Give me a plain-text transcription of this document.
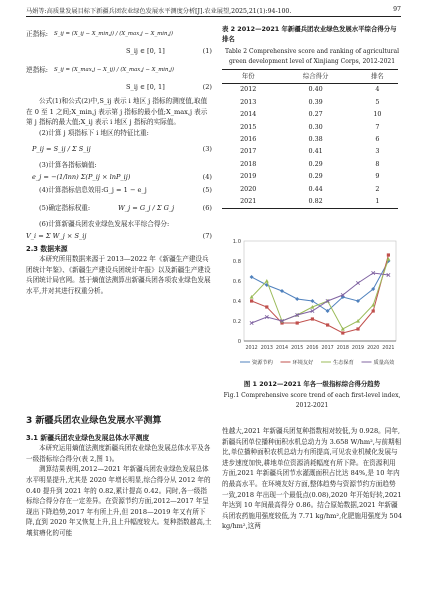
马娟等:高质量发展目标下新疆兵团农业绿色发展水平测度分析[J].农业展望,2025,21(1):94-100.	97
正指标: S_ij = (X_ij − X_min,j) / (X_max,j − X_min,j)
S_ij ∈ [0, 1]	(1)
逆指标: S_ij = (X_max,j − X_ij) / (X_max,j − X_min,j)
S_ij ∈ [0, 1]	(2)

公式(1)和公式(2)中,S_ij 表示 i 地区 j 指标的测度值,取值在 0 至 1 之间;X_min,j 表示第 j 指标的最小值;X_max,j 表示第 j 指标的最大值;X_ij 表示 i 地区 j 指标的实际值。

(2)计算 j 项指标下 i 地区的特征比重:

P_ij = S_ij / Σ S_ij	(3)

(3)计算各指标熵值:

e_j = −(1/lnn) Σ(P_ij × lnP_ij)	(4)
(4)计算指标信息效用:G_j = 1 − e_j	(5)
(5)确定指标权重:	W_j = G_j / Σ G_j	(6)

(6)计算新疆兵团农业绿色发展水平综合得分:

V_i = Σ W_j × S_ij	(7)
2.3 数据来源

本研究所用数据来源于 2013—2022 年《新疆生产建设兵团统计年鉴》、《新疆生产建设兵团统计年报》以及新疆生产建设兵团统计局官网。基于熵值法测算出新疆兵团各项农业绿色发展水平,并对其进行权重分析。

3 新疆兵团农业绿色发展水平测算
3.1 新疆兵团农业绿色发展总体水平测度

本研究运用熵值法测度新疆兵团农业绿色发展总体水平及各一级指标综合得分(表 2,图 1)。

测算结果表明,2012—2021 年新疆兵团农业绿色发展总体水平明显提升,尤其是 2020 年增长明显,综合得分从 2012 年的 0.40 提升到 2021 年的 0.82,累计提高 0.42。同时,各一级指标综合得分存在一定差异。在资源节约方面,2012—2017 年呈现出下降趋势,2017 年有所上升,但 2018—2019 年又有所下降,直到 2020 年又恢复上升,且上升幅度较大。复种指数越高,土壤贫瘠化的可能

表 2 2012—2021 年新疆兵团农业绿色发展水平综合得分与排名
Table 2 Comprehensive score and ranking of agricultural green development level of Xinjiang Corps, 2012-2021
年份	综合得分	排名
2012	0.40	4
2013	0.39	5
2014	0.27	10
2015	0.30	7
2016	0.38	6
2017	0.41	3
2018	0.29	8
2019	0.29	9
2020	0.44	2
2021	0.82	1
0
0.2
0.4
0.6
0.8
1.0
2012 2013 2014 2015 2016 2017 2018 2019 2020 2021
资源节约	环境友好	生态保育	质量高效
图 1 2012—2021 年各一级指标综合得分趋势
Fig.1 Comprehensive score trend of each first-level index, 2012-2021

性越大,2021 年新疆兵团复种指数相对较低,为 0.928。同年,新疆兵团单位播种面积水机总动力为 3.658 W/hm²,与前期相比,单位播种面积农机总动力有所提高,可见农业机械化发展与进步速度加快,耕地单位资源消耗幅度有所下降。在资源利用方面,2021 年新疆兵团节水灌溉面积占比达 84%,是 10 年内的最高水平。在环境友好方面,整体趋势与资源节约方面趋势一致,2018 年出现一个最低点(0.08),2020 年开始好转,2021 年达到 10 年间最高得分 0.86。结合原始数据,2021 年新疆兵团农药施用强度较低,为 7.71 kg/hm²,化肥施用强度为 504 kg/hm²,这两
